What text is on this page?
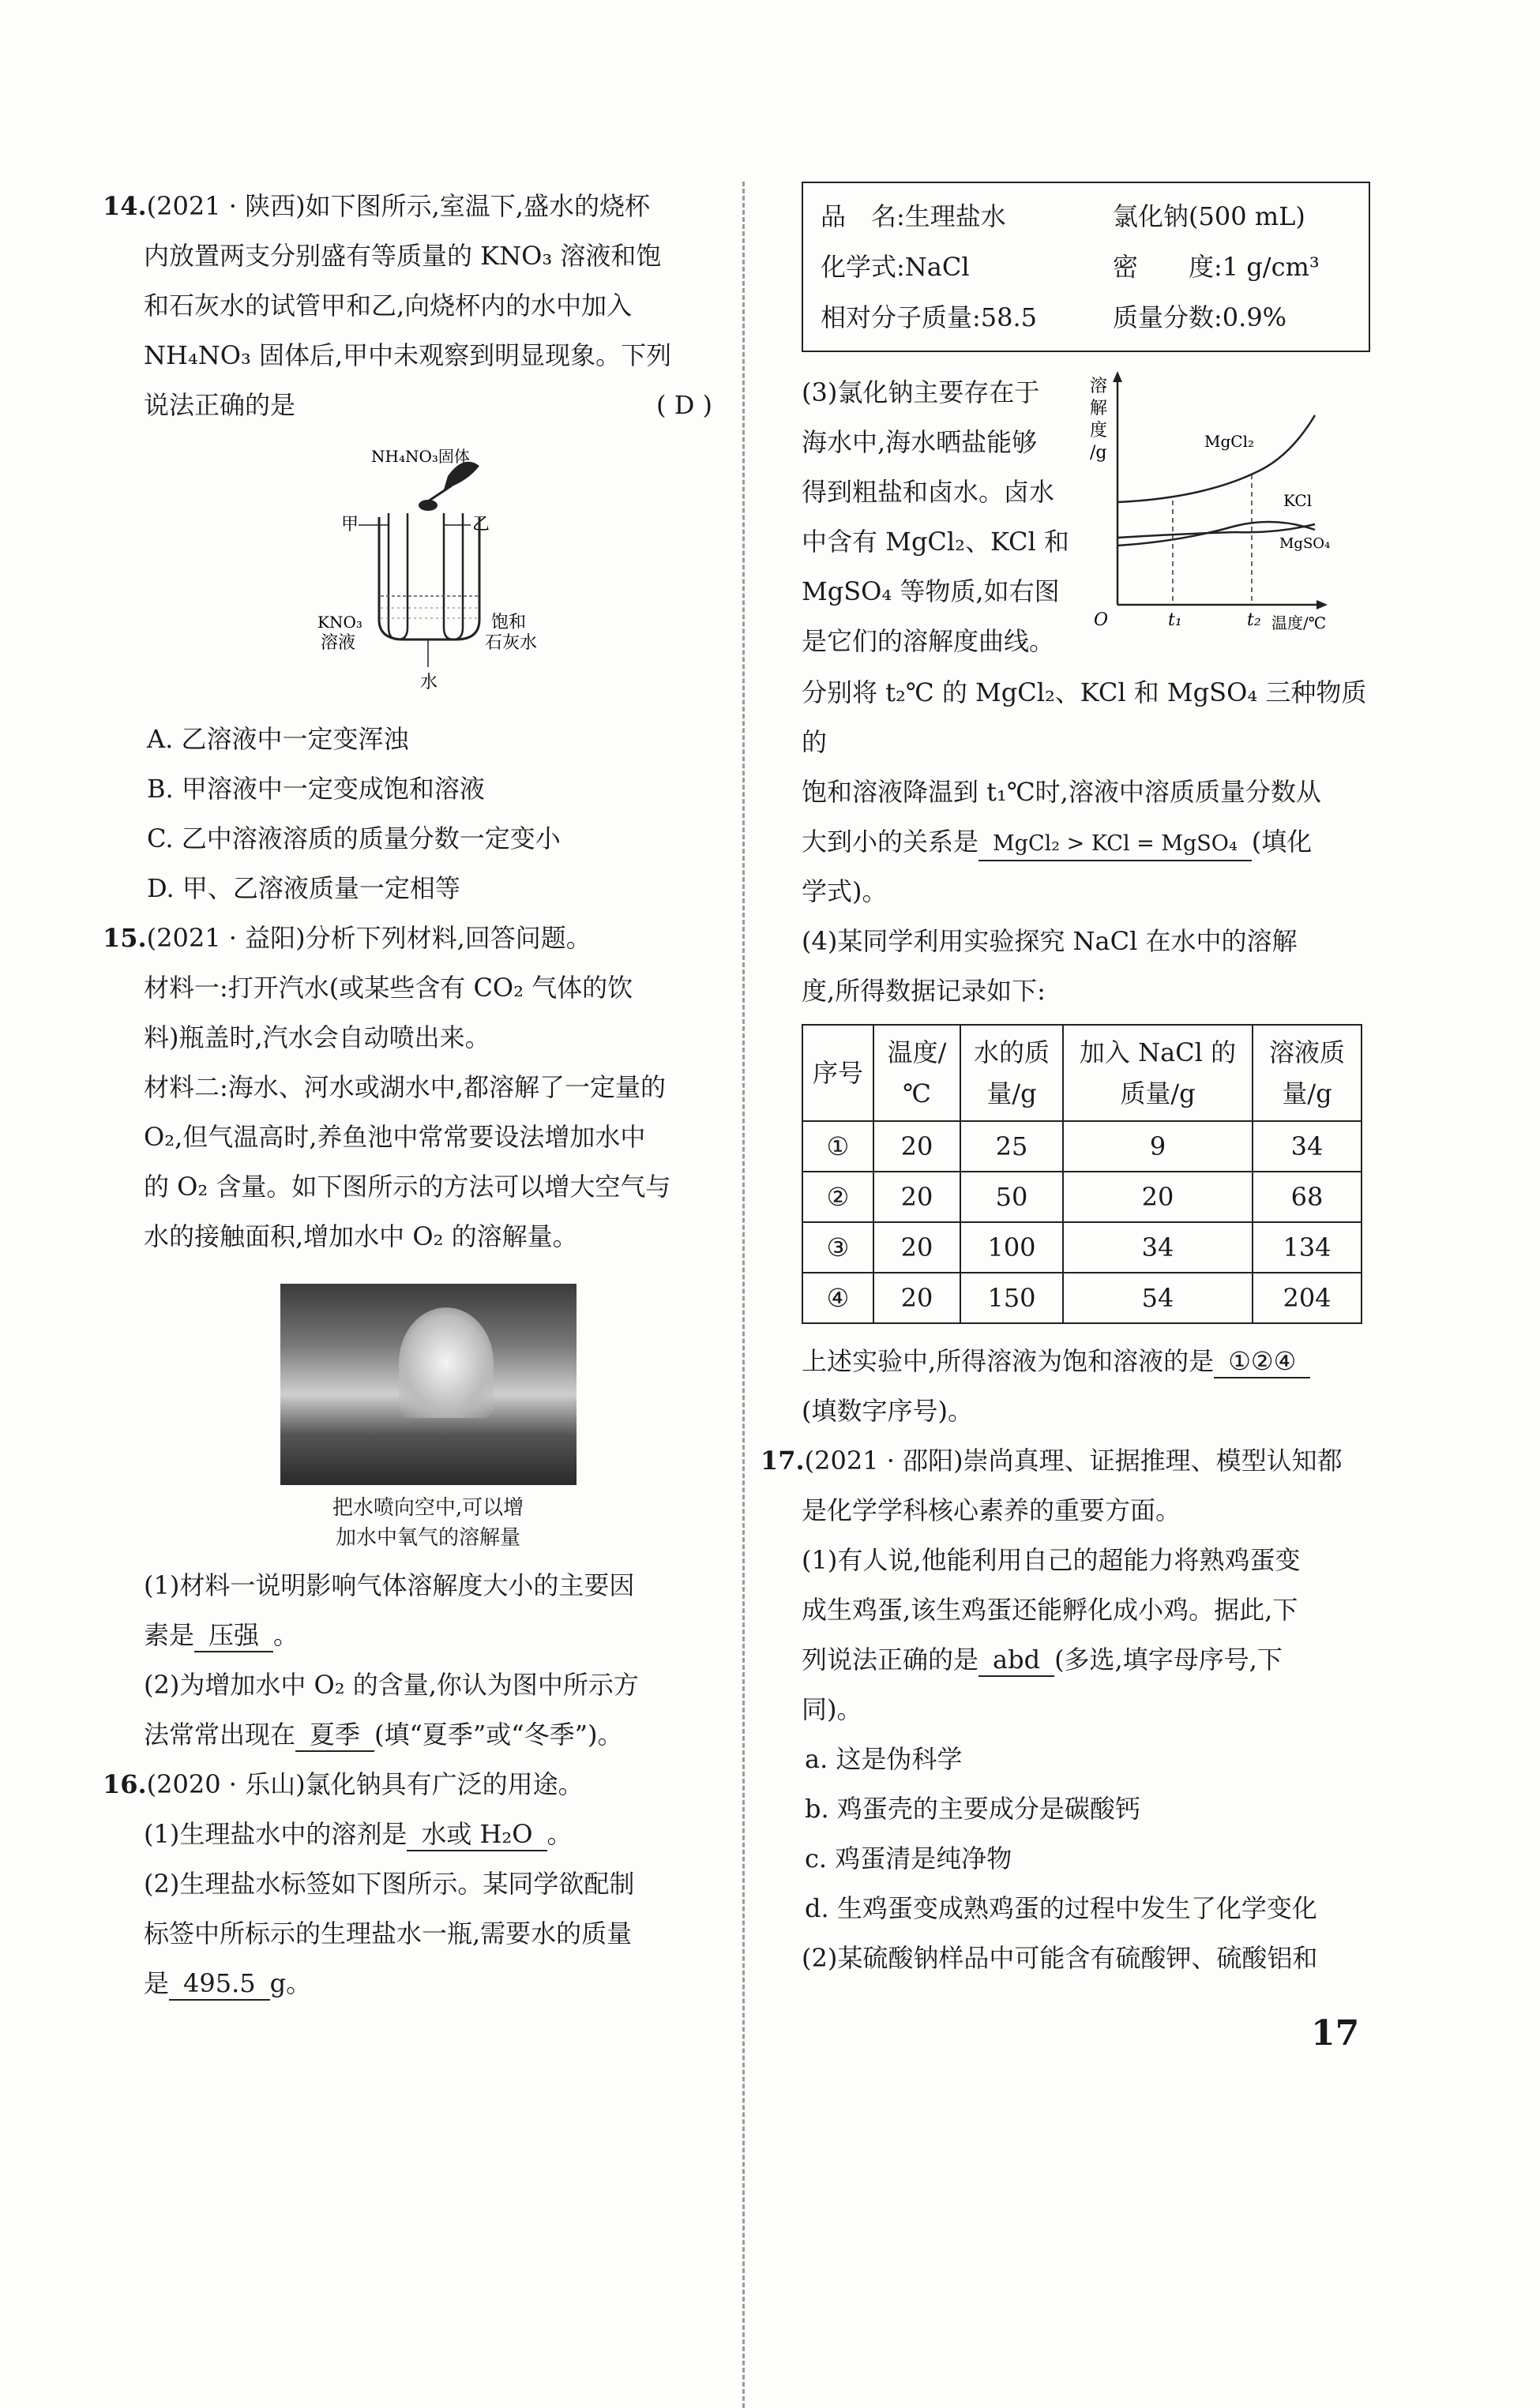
14.(2021 · 陕西)如下图所示,室温下,盛水的烧杯

内放置两支分别盛有等质量的 KNO₃ 溶液和饱

和石灰水的试管甲和乙,向烧杯内的水中加入

NH₄NO₃ 固体后,甲中未观察到明显现象。下列

说法正确的是	( D )

NH₄NO₃固体
甲	乙
KNO₃
溶液
饱和
石灰水
水

A. 乙溶液中一定变浑浊

B. 甲溶液中一定变成饱和溶液

C. 乙中溶液溶质的质量分数一定变小

D. 甲、乙溶液质量一定相等

15.(2021 · 益阳)分析下列材料,回答问题。

材料一:打开汽水(或某些含有 CO₂ 气体的饮

料)瓶盖时,汽水会自动喷出来。

材料二:海水、河水或湖水中,都溶解了一定量的

O₂,但气温高时,养鱼池中常常要设法增加水中

的 O₂ 含量。如下图所示的方法可以增大空气与

水的接触面积,增加水中 O₂ 的溶解量。

把水喷向空中,可以增
加水中氧气的溶解量

(1)材料一说明影响气体溶解度大小的主要因

素是 压强 。

(2)为增加水中 O₂ 的含量,你认为图中所示方

法常常出现在 夏季 (填“夏季”或“冬季”)。

16.(2020 · 乐山)氯化钠具有广泛的用途。

(1)生理盐水中的溶剂是 水或 H₂O 。

(2)生理盐水标签如下图所示。某同学欲配制

标签中所标示的生理盐水一瓶,需要水的质量

是 495.5 g。

品　名:生理盐水	氯化钠(500 mL)
化学式:NaCl	密　　度:1 g/cm³
相对分子质量:58.5	质量分数:0.9%

(3)氯化钠主要存在于

海水中,海水晒盐能够

得到粗盐和卤水。卤水

中含有 MgCl₂、KCl 和

MgSO₄ 等物质,如右图

是它们的溶解度曲线。

溶
解
度
/g
MgCl₂
KCl
MgSO₄
O	t₁	t₂ 温度/℃

分别将 t₂℃ 的 MgCl₂、KCl 和 MgSO₄ 三种物质的

饱和溶液降温到 t₁℃时,溶液中溶质质量分数从

大到小的关系是 MgCl₂ > KCl = MgSO₄ (填化

学式)。

(4)某同学利用实验探究 NaCl 在水中的溶解

度,所得数据记录如下:

序号	温度/℃	水的质量/g	加入 NaCl 的质量/g	溶液质量/g
①	20	25	9	34
②	20	50	20	68
③	20	100	34	134
④	20	150	54	204

上述实验中,所得溶液为饱和溶液的是 ①②④

(填数字序号)。

17.(2021 · 邵阳)崇尚真理、证据推理、模型认知都

是化学学科核心素养的重要方面。

(1)有人说,他能利用自己的超能力将熟鸡蛋变

成生鸡蛋,该生鸡蛋还能孵化成小鸡。据此,下

列说法正确的是 abd (多选,填字母序号,下

同)。

a. 这是伪科学

b. 鸡蛋壳的主要成分是碳酸钙

c. 鸡蛋清是纯净物

d. 生鸡蛋变成熟鸡蛋的过程中发生了化学变化

(2)某硫酸钠样品中可能含有硫酸钾、硫酸铝和

17
